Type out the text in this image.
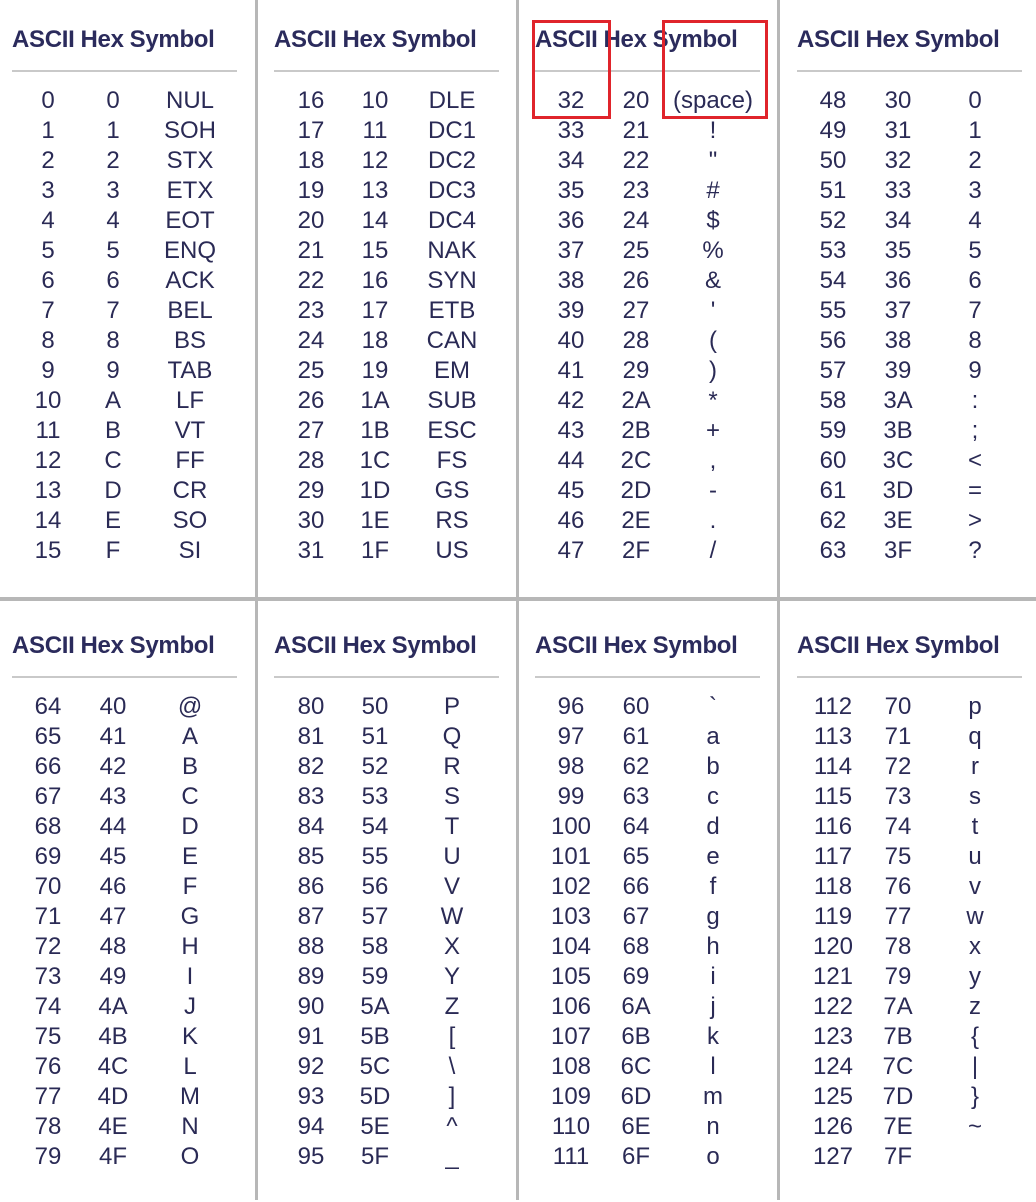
ASCII Hex Symbol
0 0 NUL
1 1 SOH
2 2 STX
3 3 ETX
4 4 EOT
5 5 ENQ
6 6 ACK
7 7 BEL
8 8 BS
9 9 TAB
10 A LF
11 B VT
12 C FF
13 D CR
14 E SO
15 F SI
ASCII Hex Symbol
16 10 DLE
17 11 DC1
18 12 DC2
19 13 DC3
20 14 DC4
21 15 NAK
22 16 SYN
23 17 ETB
24 18 CAN
25 19 EM
26 1A SUB
27 1B ESC
28 1C FS
29 1D GS
30 1E RS
31 1F US
ASCII Hex Symbol
32 20 (space)
33 21	!
34 22 "
35 23 #
36 24 $
37 25 %
38 26 &
39 27	'
40 28 (
41 29 )
42 2A *
43 2B +
44 2C ,
45 2D -
46 2E .
47 2F /
ASCII Hex Symbol
48 30 0
49 31 1
50 32 2
51 33 3
52 34 4
53 35 5
54 36 6
55 37 7
56 38 8
57 39 9
58 3A :
59 3B ;
60 3C <
61 3D =
62 3E >
63 3F ?
ASCII Hex Symbol
64 40 @
65 41 A
66 42 B
67 43 C
68 44 D
69 45 E
70 46 F
71 47 G
72 48 H
73 49	I
74 4A J
75 4B K
76 4C L
77 4D M
78 4E N
79 4F O
ASCII Hex Symbol
80 50 P
81 51 Q
82 52 R
83 53 S
84 54 T
85 55 U
86 56 V
87 57 W
88 58 X
89 59 Y
90 5A Z
91 5B [
92 5C \
93 5D ]
94 5E ^
95 5F _
ASCII Hex Symbol
96 60 `
97 61 a
98 62 b
99 63 c
100 64 d
101 65 e
102 66	f
103 67 g
104 68 h
105 69	i
106 6A j
107 6B k
108 6C l
109 6D m
110 6E n
111 6F o
ASCII Hex Symbol
112 70 p
113 71 q
114 72 r
115 73 s
116 74	t
117 75 u
118 76 v
119 77 w
120 78 x
121 79 y
122 7A z
123 7B {
124 7C |
125 7D }
126 7E ~
127 7F
